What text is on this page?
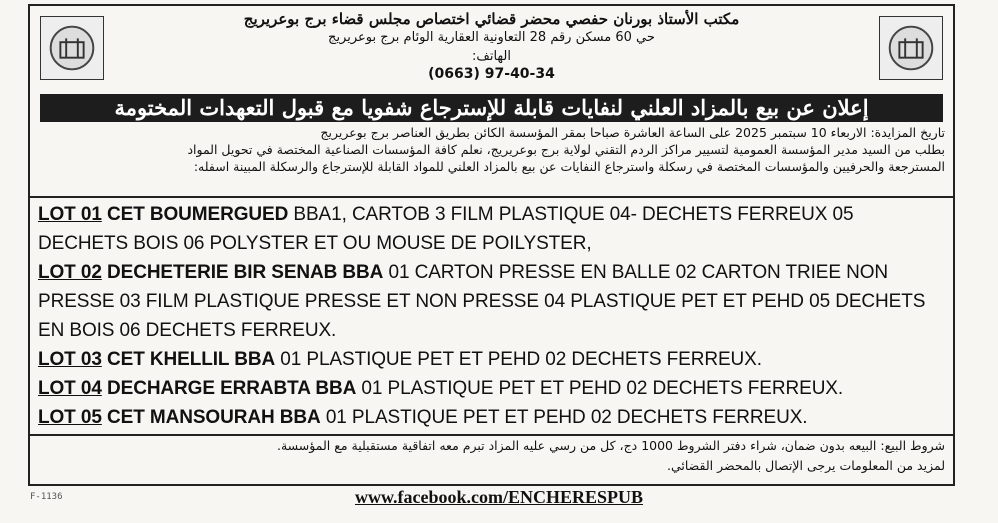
مكتب الأستاذ بورنان حفصي محضر قضائي اختصاص مجلس قضاء برج بوعريريج
حي 60 مسكن رقم 28 التعاونية العقارية الوئام برج بوعريريج
الهاتف:
(0663) 97-40-34
إعلان عن بيع بالمزاد العلني لنفايات قابلة للإسترجاع شفويا مع قبول التعهدات المختومة
تاريخ المزايدة: الاربعاء 10 سبتمبر 2025 على الساعة العاشرة صباحا بمقر المؤسسة الكائن بطريق العناصر برج بوعريريج
بطلب من السيد مدير المؤسسة العمومية لتسيير مراكز الردم التقني لولاية برج بوعريريج، نعلم كافة المؤسسات الصناعية المختصة في تحويل المواد
المسترجعة والحرفيين والمؤسسات المختصة في رسكلة واسترجاع النفايات عن بيع بالمزاد العلني للمواد القابلة للإسترجاع والرسكلة المبينة اسفله:

LOT 01 CET BOUMERGUED BBA1, CARTOB 3 FILM PLASTIQUE 04- DECHETS FERREUX 05 DECHETS BOIS 06 POLYSTER ET OU MOUSE DE POILYSTER,

LOT 02 DECHETERIE BIR SENAB BBA 01 CARTON PRESSE EN BALLE 02 CARTON TRIEE NON PRESSE 03 FILM PLASTIQUE PRESSE ET NON PRESSE 04 PLASTIQUE PET ET PEHD 05 DECHETS EN BOIS 06 DECHETS FERREUX.

LOT 03 CET KHELLIL BBA 01 PLASTIQUE PET ET PEHD 02 DECHETS FERREUX.

LOT 04 DECHARGE ERRABTA BBA 01 PLASTIQUE PET ET PEHD 02 DECHETS FERREUX.

LOT 05 CET MANSOURAH BBA 01 PLASTIQUE PET ET PEHD 02 DECHETS FERREUX.

شروط البيع: البيعه بدون ضمان، شراء دفتر الشروط 1000 دج، كل من رسي عليه المزاد تبرم معه اتفاقية مستقبلية مع المؤسسة.
لمزيد من المعلومات يرجى الإتصال بالمحضر القضائي.
F-1136	www.facebook.com/ENCHERESPUB
